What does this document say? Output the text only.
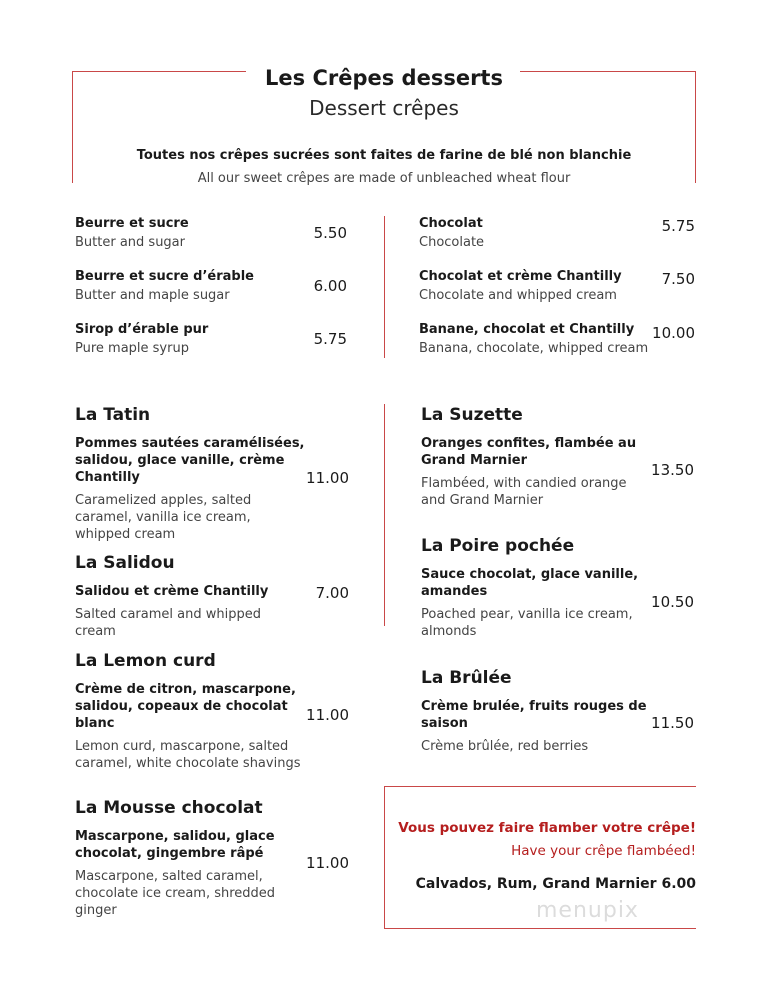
Les Crêpes desserts
Dessert crêpes
Toutes nos crêpes sucrées sont faites de farine de blé non blanchie
All our sweet crêpes are made of unbleached wheat flour
Beurre et sucre
Butter and sugar
5.50
Beurre et sucre d’érable
Butter and maple sugar
6.00
Sirop d’érable pur
Pure maple syrup
5.75
Chocolat
Chocolate
5.75
Chocolat et crème Chantilly
Chocolate and whipped cream
7.50
Banane, chocolat et Chantilly
Banana, chocolate, whipped cream
10.00
La Tatin
Pommes sautées caramélisées, salidou, glace vanille, crème Chantilly
Caramelized apples, salted caramel, vanilla ice cream, whipped cream
11.00
La Salidou
Salidou et crème Chantilly
Salted caramel and whipped cream
7.00
La Lemon curd
Crème de citron, mascarpone, salidou, copeaux de chocolat blanc
Lemon curd, mascarpone, salted caramel, white chocolate shavings
11.00
La Mousse chocolat
Mascarpone, salidou, glace chocolat, gingembre râpé
Mascarpone, salted caramel, chocolate ice cream, shredded ginger
11.00
La Suzette
Oranges confites, flambée au Grand Marnier
Flambéed, with candied orange and Grand Marnier
13.50
La Poire pochée
Sauce chocolat, glace vanille, amandes
Poached pear, vanilla ice cream, almonds
10.50
La Brûlée
Crème brulée, fruits rouges de saison
Crème brûlée, red berries
11.50
Vous pouvez faire flamber votre crêpe!
Have your crêpe flambéed!
Calvados, Rum, Grand Marnier 6.00
menupix
